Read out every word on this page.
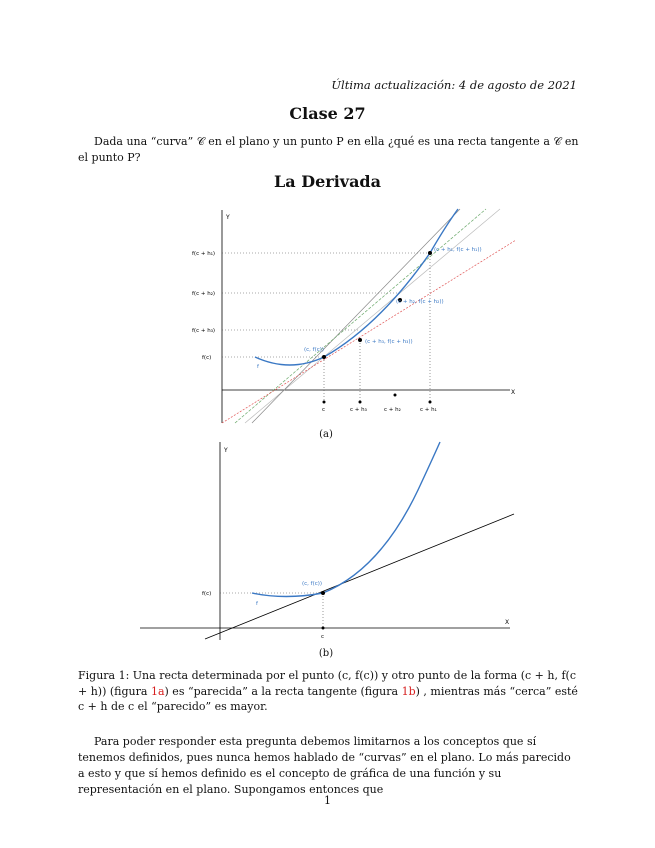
Última actualización: 4 de agosto de 2021
Clase 27
Dada una “curva” 𝒞 en el plano y un punto P en ella ¿qué es una recta tangente a 𝒞 en el punto P?
La Derivada
Y
X
f(c + h₁)
f(c + h₂)
f(c + h₃)
f(c)
c	c + h₃	c + h₂	c + h₁
(c, f(c))
(c + h₃, f(c + h₃))
(c + h₂, f(c + h₂))
(c + h₁, f(c + h₁))
f
(a)
Y
X
f(c)
c
(c, f(c))
f
(b)
Figura 1: Una recta determinada por el punto (c, f(c)) y otro punto de la forma (c + h, f(c + h)) (figura 1a) es “parecida” a la recta tangente (figura 1b) , mientras más “cerca” esté c + h de c el “parecido” es mayor.
Para poder responder esta pregunta debemos limitarnos a los conceptos que sí tenemos definidos, pues nunca hemos hablado de “curvas” en el plano. Lo más parecido a esto y que sí hemos definido es el concepto de gráfica de una función y su representación en el plano. Supongamos entonces que
1
